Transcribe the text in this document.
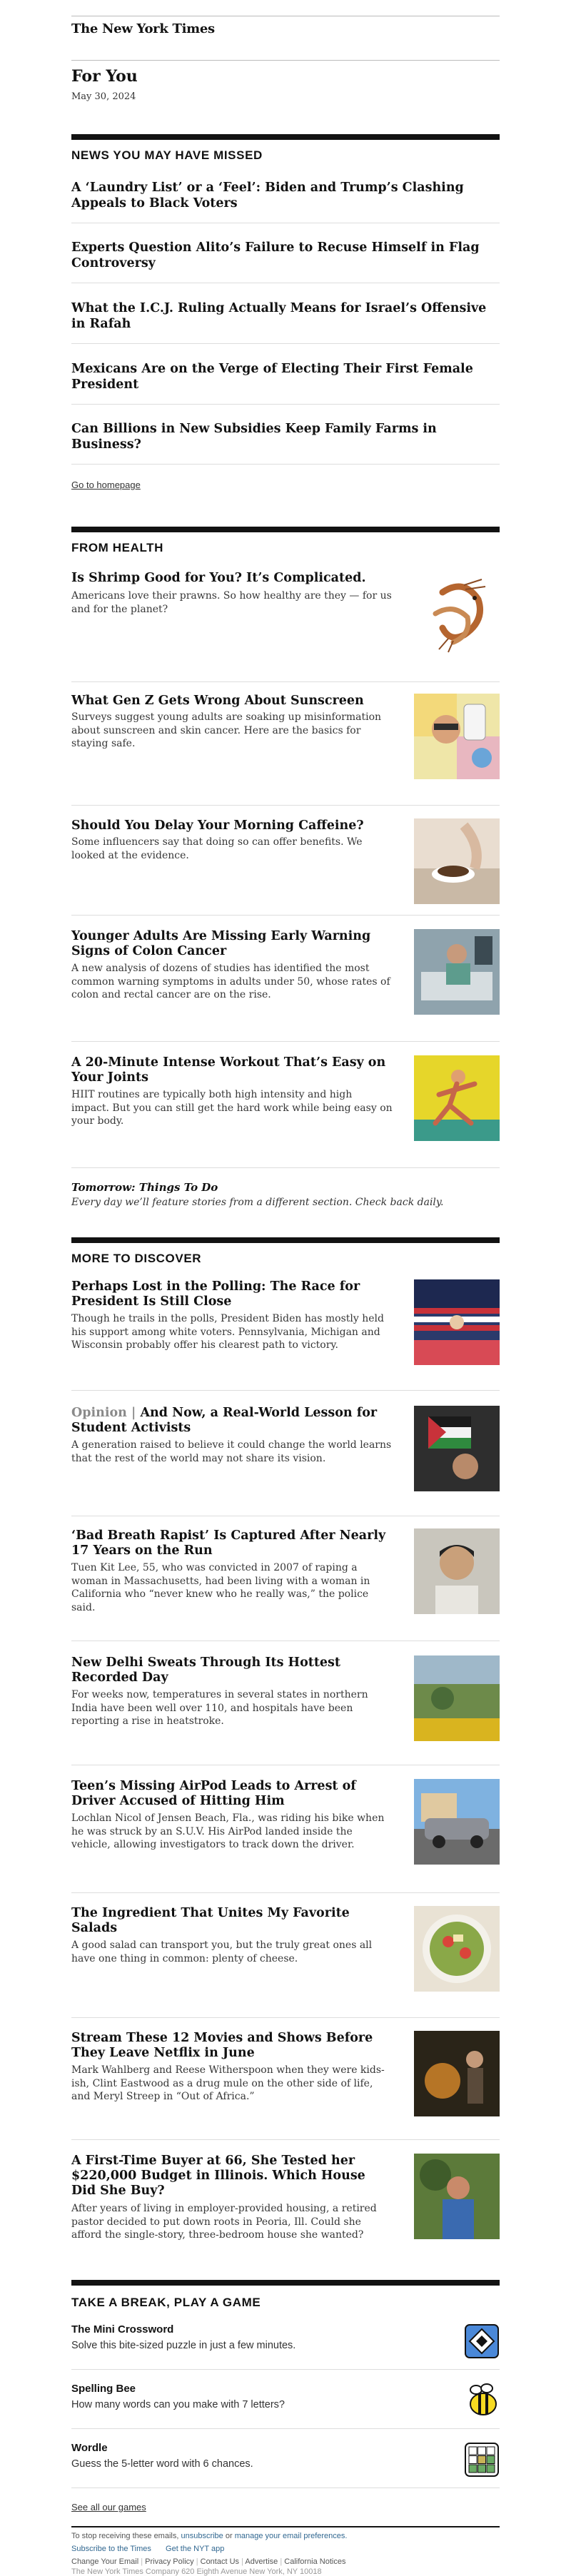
The New York Times
For You
May 30, 2024
NEWS YOU MAY HAVE MISSED
A ‘Laundry List’ or a ‘Feel’: Biden and Trump’s Clashing Appeals to Black Voters
Experts Question Alito’s Failure to Recuse Himself in Flag Controversy
What the I.C.J. Ruling Actually Means for Israel’s Offensive in Rafah
Mexicans Are on the Verge of Electing Their First Female President
Can Billions in New Subsidies Keep Family Farms in Business?
Go to homepage
FROM HEALTH
Is Shrimp Good for You? It’s Complicated.
Americans love their prawns. So how healthy are they — for us and for the planet?
What Gen Z Gets Wrong About Sunscreen
Surveys suggest young adults are soaking up misinformation about sunscreen and skin cancer. Here are the basics for staying safe.
Should You Delay Your Morning Caffeine?
Some influencers say that doing so can offer benefits. We looked at the evidence.
Younger Adults Are Missing Early Warning Signs of Colon Cancer
A new analysis of dozens of studies has identified the most common warning symptoms in adults under 50, whose rates of colon and rectal cancer are on the rise.
A 20-Minute Intense Workout That’s Easy on Your Joints
HIIT routines are typically both high intensity and high impact. But you can still get the hard work while being easy on your body.
Tomorrow: Things To Do
Every day we’ll feature stories from a different section. Check back daily.
MORE TO DISCOVER
Perhaps Lost in the Polling: The Race for President Is Still Close
Though he trails in the polls, President Biden has mostly held his support among white voters. Pennsylvania, Michigan and Wisconsin probably offer his clearest path to victory.
Opinion | And Now, a Real-World Lesson for Student Activists
A generation raised to believe it could change the world learns that the rest of the world may not share its vision.
‘Bad Breath Rapist’ Is Captured After Nearly 17 Years on the Run
Tuen Kit Lee, 55, who was convicted in 2007 of raping a woman in Massachusetts, had been living with a woman in California who “never knew who he really was,” the police said.
New Delhi Sweats Through Its Hottest Recorded Day
For weeks now, temperatures in several states in northern India have been well over 110, and hospitals have been reporting a rise in heatstroke.
Teen’s Missing AirPod Leads to Arrest of Driver Accused of Hitting Him
Lochlan Nicol of Jensen Beach, Fla., was riding his bike when he was struck by an S.U.V. His AirPod landed inside the vehicle, allowing investigators to track down the driver.
The Ingredient That Unites My Favorite Salads
A good salad can transport you, but the truly great ones all have one thing in common: plenty of cheese.
Stream These 12 Movies and Shows Before They Leave Netflix in June
Mark Wahlberg and Reese Witherspoon when they were kids-ish, Clint Eastwood as a drug mule on the other side of life, and Meryl Streep in “Out of Africa.”
A First-Time Buyer at 66, She Tested her $220,000 Budget in Illinois. Which House Did She Buy?
After years of living in employer-provided housing, a retired pastor decided to put down roots in Peoria, Ill. Could she afford the single-story, three-bedroom house she wanted?
TAKE A BREAK, PLAY A GAME
The Mini Crossword
Solve this bite-sized puzzle in just a few minutes.
Spelling Bee
How many words can you make with 7 letters?
Wordle
Guess the 5-letter word with 6 chances.
See all our games
To stop receiving these emails, unsubscribe or manage your email preferences.
Subscribe to the Times Get the NYT app
Change Your Email | Privacy Policy | Contact Us | Advertise | California Notices
The New York Times Company 620 Eighth Avenue New York, NY 10018
